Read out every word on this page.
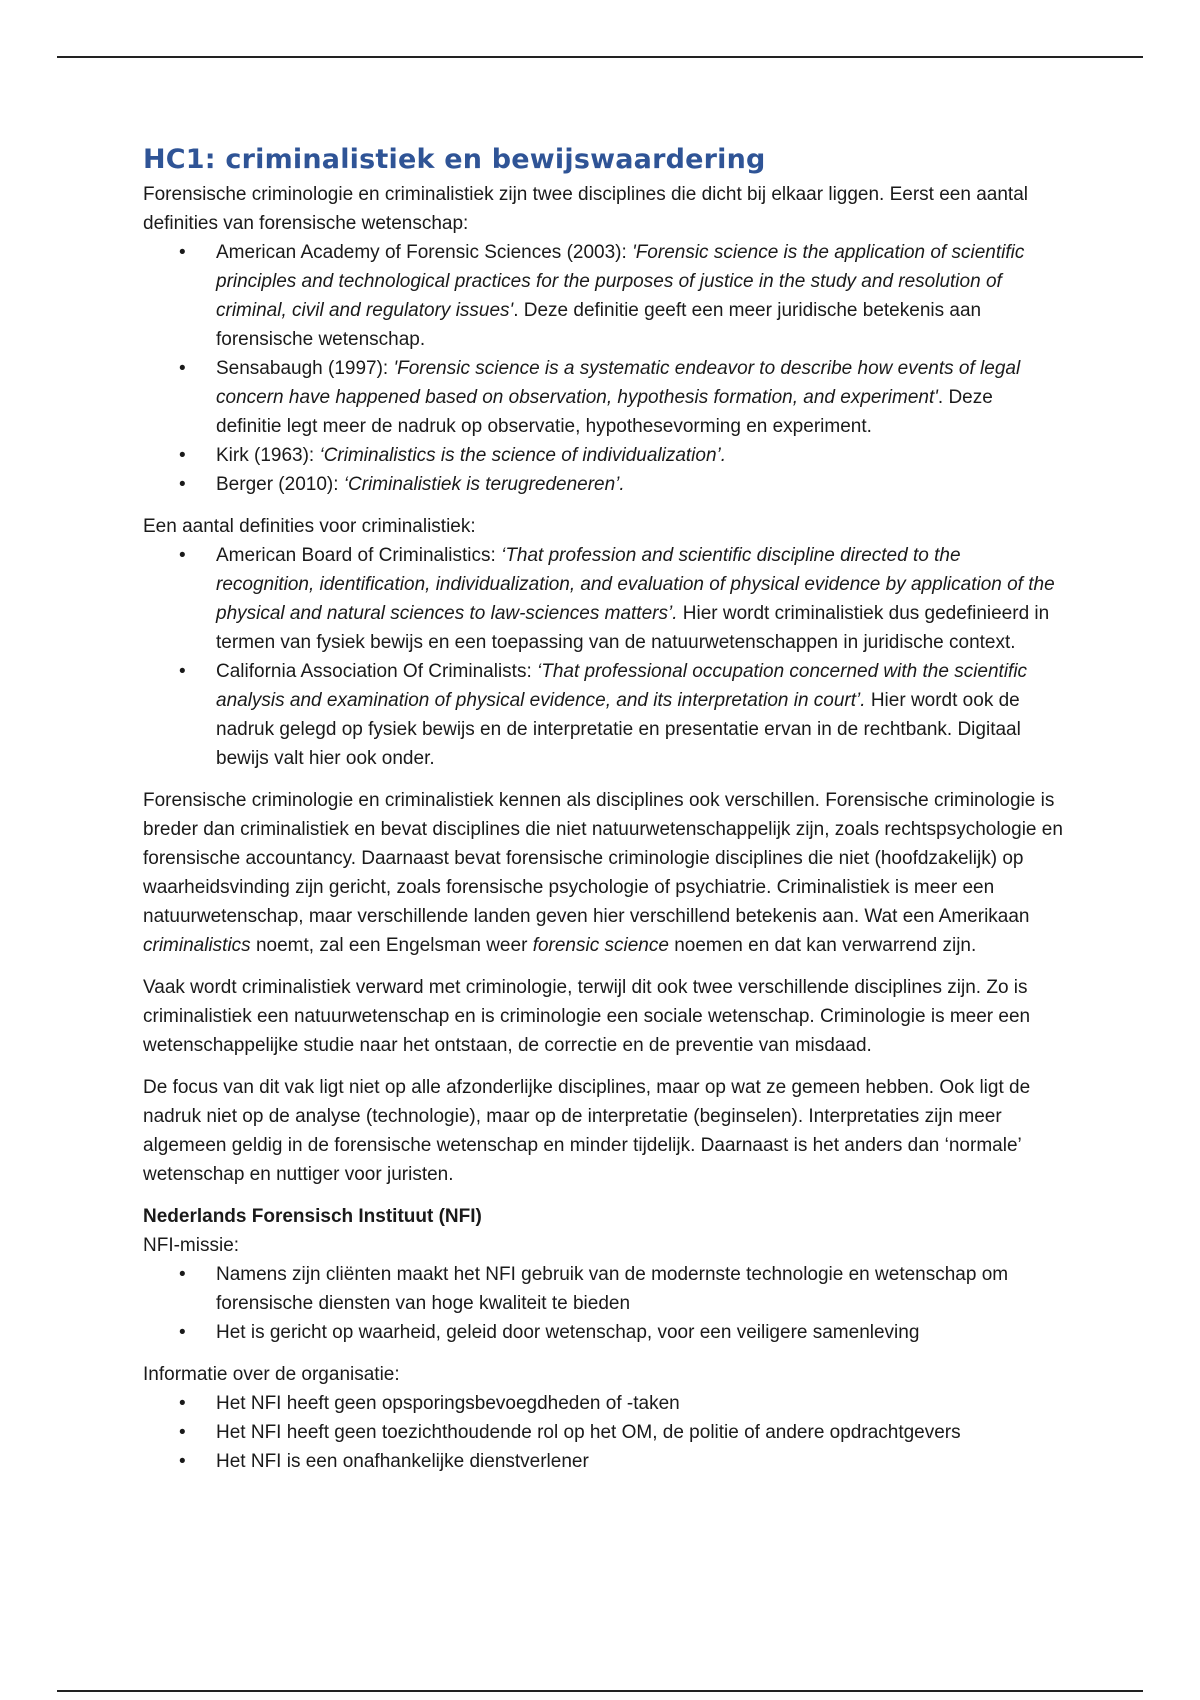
HC1: criminalistiek en bewijswaardering

Forensische criminologie en criminalistiek zijn twee disciplines die dicht bij elkaar liggen. Eerst een aantal definities van forensische wetenschap:

•	American Academy of Forensic Sciences (2003): 'Forensic science is the application of scientific principles and technological practices for the purposes of justice in the study and resolution of criminal, civil and regulatory issues'. Deze definitie geeft een meer juridische betekenis aan forensische wetenschap.
•	Sensabaugh (1997): 'Forensic science is a systematic endeavor to describe how events of legal concern have happened based on observation, hypothesis formation, and experiment'. Deze definitie legt meer de nadruk op observatie, hypothesevorming en experiment.
•	Kirk (1963): ‘Criminalistics is the science of individualization’.
•	Berger (2010): ‘Criminalistiek is terugredeneren’.

Een aantal definities voor criminalistiek:

•	American Board of Criminalistics: ‘That profession and scientific discipline directed to the recognition, identification, individualization, and evaluation of physical evidence by application of the physical and natural sciences to law-sciences matters’. Hier wordt criminalistiek dus gedefinieerd in termen van fysiek bewijs en een toepassing van de natuurwetenschappen in juridische context.
•	California Association Of Criminalists: ‘That professional occupation concerned with the scientific analysis and examination of physical evidence, and its interpretation in court’. Hier wordt ook de nadruk gelegd op fysiek bewijs en de interpretatie en presentatie ervan in de rechtbank. Digitaal bewijs valt hier ook onder.

Forensische criminologie en criminalistiek kennen als disciplines ook verschillen. Forensische criminologie is breder dan criminalistiek en bevat disciplines die niet natuurwetenschappelijk zijn, zoals rechtspsychologie en forensische accountancy. Daarnaast bevat forensische criminologie disciplines die niet (hoofdzakelijk) op waarheidsvinding zijn gericht, zoals forensische psychologie of psychiatrie. Criminalistiek is meer een natuurwetenschap, maar verschillende landen geven hier verschillend betekenis aan. Wat een Amerikaan criminalistics noemt, zal een Engelsman weer forensic science noemen en dat kan verwarrend zijn.

Vaak wordt criminalistiek verward met criminologie, terwijl dit ook twee verschillende disciplines zijn. Zo is criminalistiek een natuurwetenschap en is criminologie een sociale wetenschap. Criminologie is meer een wetenschappelijke studie naar het ontstaan, de correctie en de preventie van misdaad.

De focus van dit vak ligt niet op alle afzonderlijke disciplines, maar op wat ze gemeen hebben. Ook ligt de nadruk niet op de analyse (technologie), maar op de interpretatie (beginselen). Interpretaties zijn meer algemeen geldig in de forensische wetenschap en minder tijdelijk. Daarnaast is het anders dan ‘normale’ wetenschap en nuttiger voor juristen.

Nederlands Forensisch Instituut (NFI)

NFI-missie:

•	Namens zijn cliënten maakt het NFI gebruik van de modernste technologie en wetenschap om forensische diensten van hoge kwaliteit te bieden
•	Het is gericht op waarheid, geleid door wetenschap, voor een veiligere samenleving

Informatie over de organisatie:

•	Het NFI heeft geen opsporingsbevoegdheden of -taken
•	Het NFI heeft geen toezichthoudende rol op het OM, de politie of andere opdrachtgevers
•	Het NFI is een onafhankelijke dienstverlener
